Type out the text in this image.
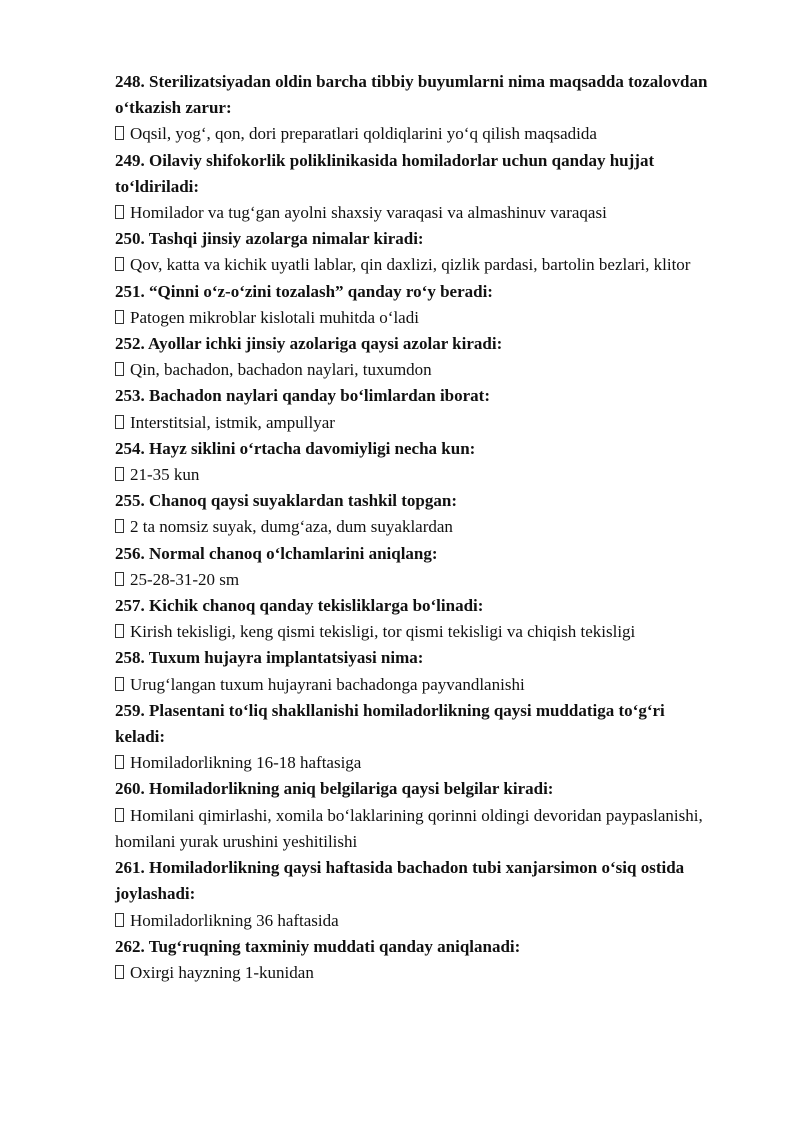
248. Sterilizatsiyadan oldin barcha tibbiy buyumlarni nima maqsadda tozalovdan o‘tkazish zarur:
Oqsil, yog‘, qon, dori preparatlari qoldiqlarini yo‘q qilish maqsadida
249. Oilaviy shifokorlik poliklinikasida homiladorlar uchun qanday hujjat to‘ldiriladi:
Homilador va tug‘gan ayolni shaxsiy varaqasi va almashinuv varaqasi
250. Tashqi jinsiy azolarga nimalar kiradi:
Qov, katta va kichik uyatli lablar, qin daxlizi, qizlik pardasi, bartolin bezlari, klitor
251. “Qinni o‘z-o‘zini tozalash” qanday ro‘y beradi:
Patogen mikroblar kislotali muhitda o‘ladi
252. Ayollar ichki jinsiy azolariga qaysi azolar kiradi:
Qin, bachadon, bachadon naylari, tuxumdon
253. Bachadon naylari qanday bo‘limlardan iborat:
Interstitsial, istmik, ampullyar
254. Hayz siklini o‘rtacha davomiyligi necha kun:
21-35 kun
255. Chanoq qaysi suyaklardan tashkil topgan:
2 ta nomsiz suyak, dumg‘aza, dum suyaklardan
256. Normal chanoq o‘lchamlarini aniqlang:
25-28-31-20 sm
257. Kichik chanoq qanday tekisliklarga bo‘linadi:
Kirish tekisligi, keng qismi tekisligi, tor qismi tekisligi va chiqish tekisligi
258. Tuxum hujayra implantatsiyasi nima:
Urug‘langan tuxum hujayrani bachadonga payvandlanishi
259. Plasentani to‘liq shakllanishi homiladorlikning qaysi muddatiga to‘g‘ri keladi:
Homiladorlikning 16-18 haftasiga
260. Homiladorlikning aniq belgilariga qaysi belgilar kiradi:
Homilani qimirlashi, xomila bo‘laklarining qorinni oldingi devoridan paypaslanishi, homilani yurak urushini yeshitilishi
261. Homiladorlikning qaysi haftasida bachadon tubi xanjarsimon o‘siq ostida joylashadi:
Homiladorlikning 36 haftasida
262. Tug‘ruqning taxminiy muddati qanday aniqlanadi:
Oxirgi hayzning 1-kunidan
